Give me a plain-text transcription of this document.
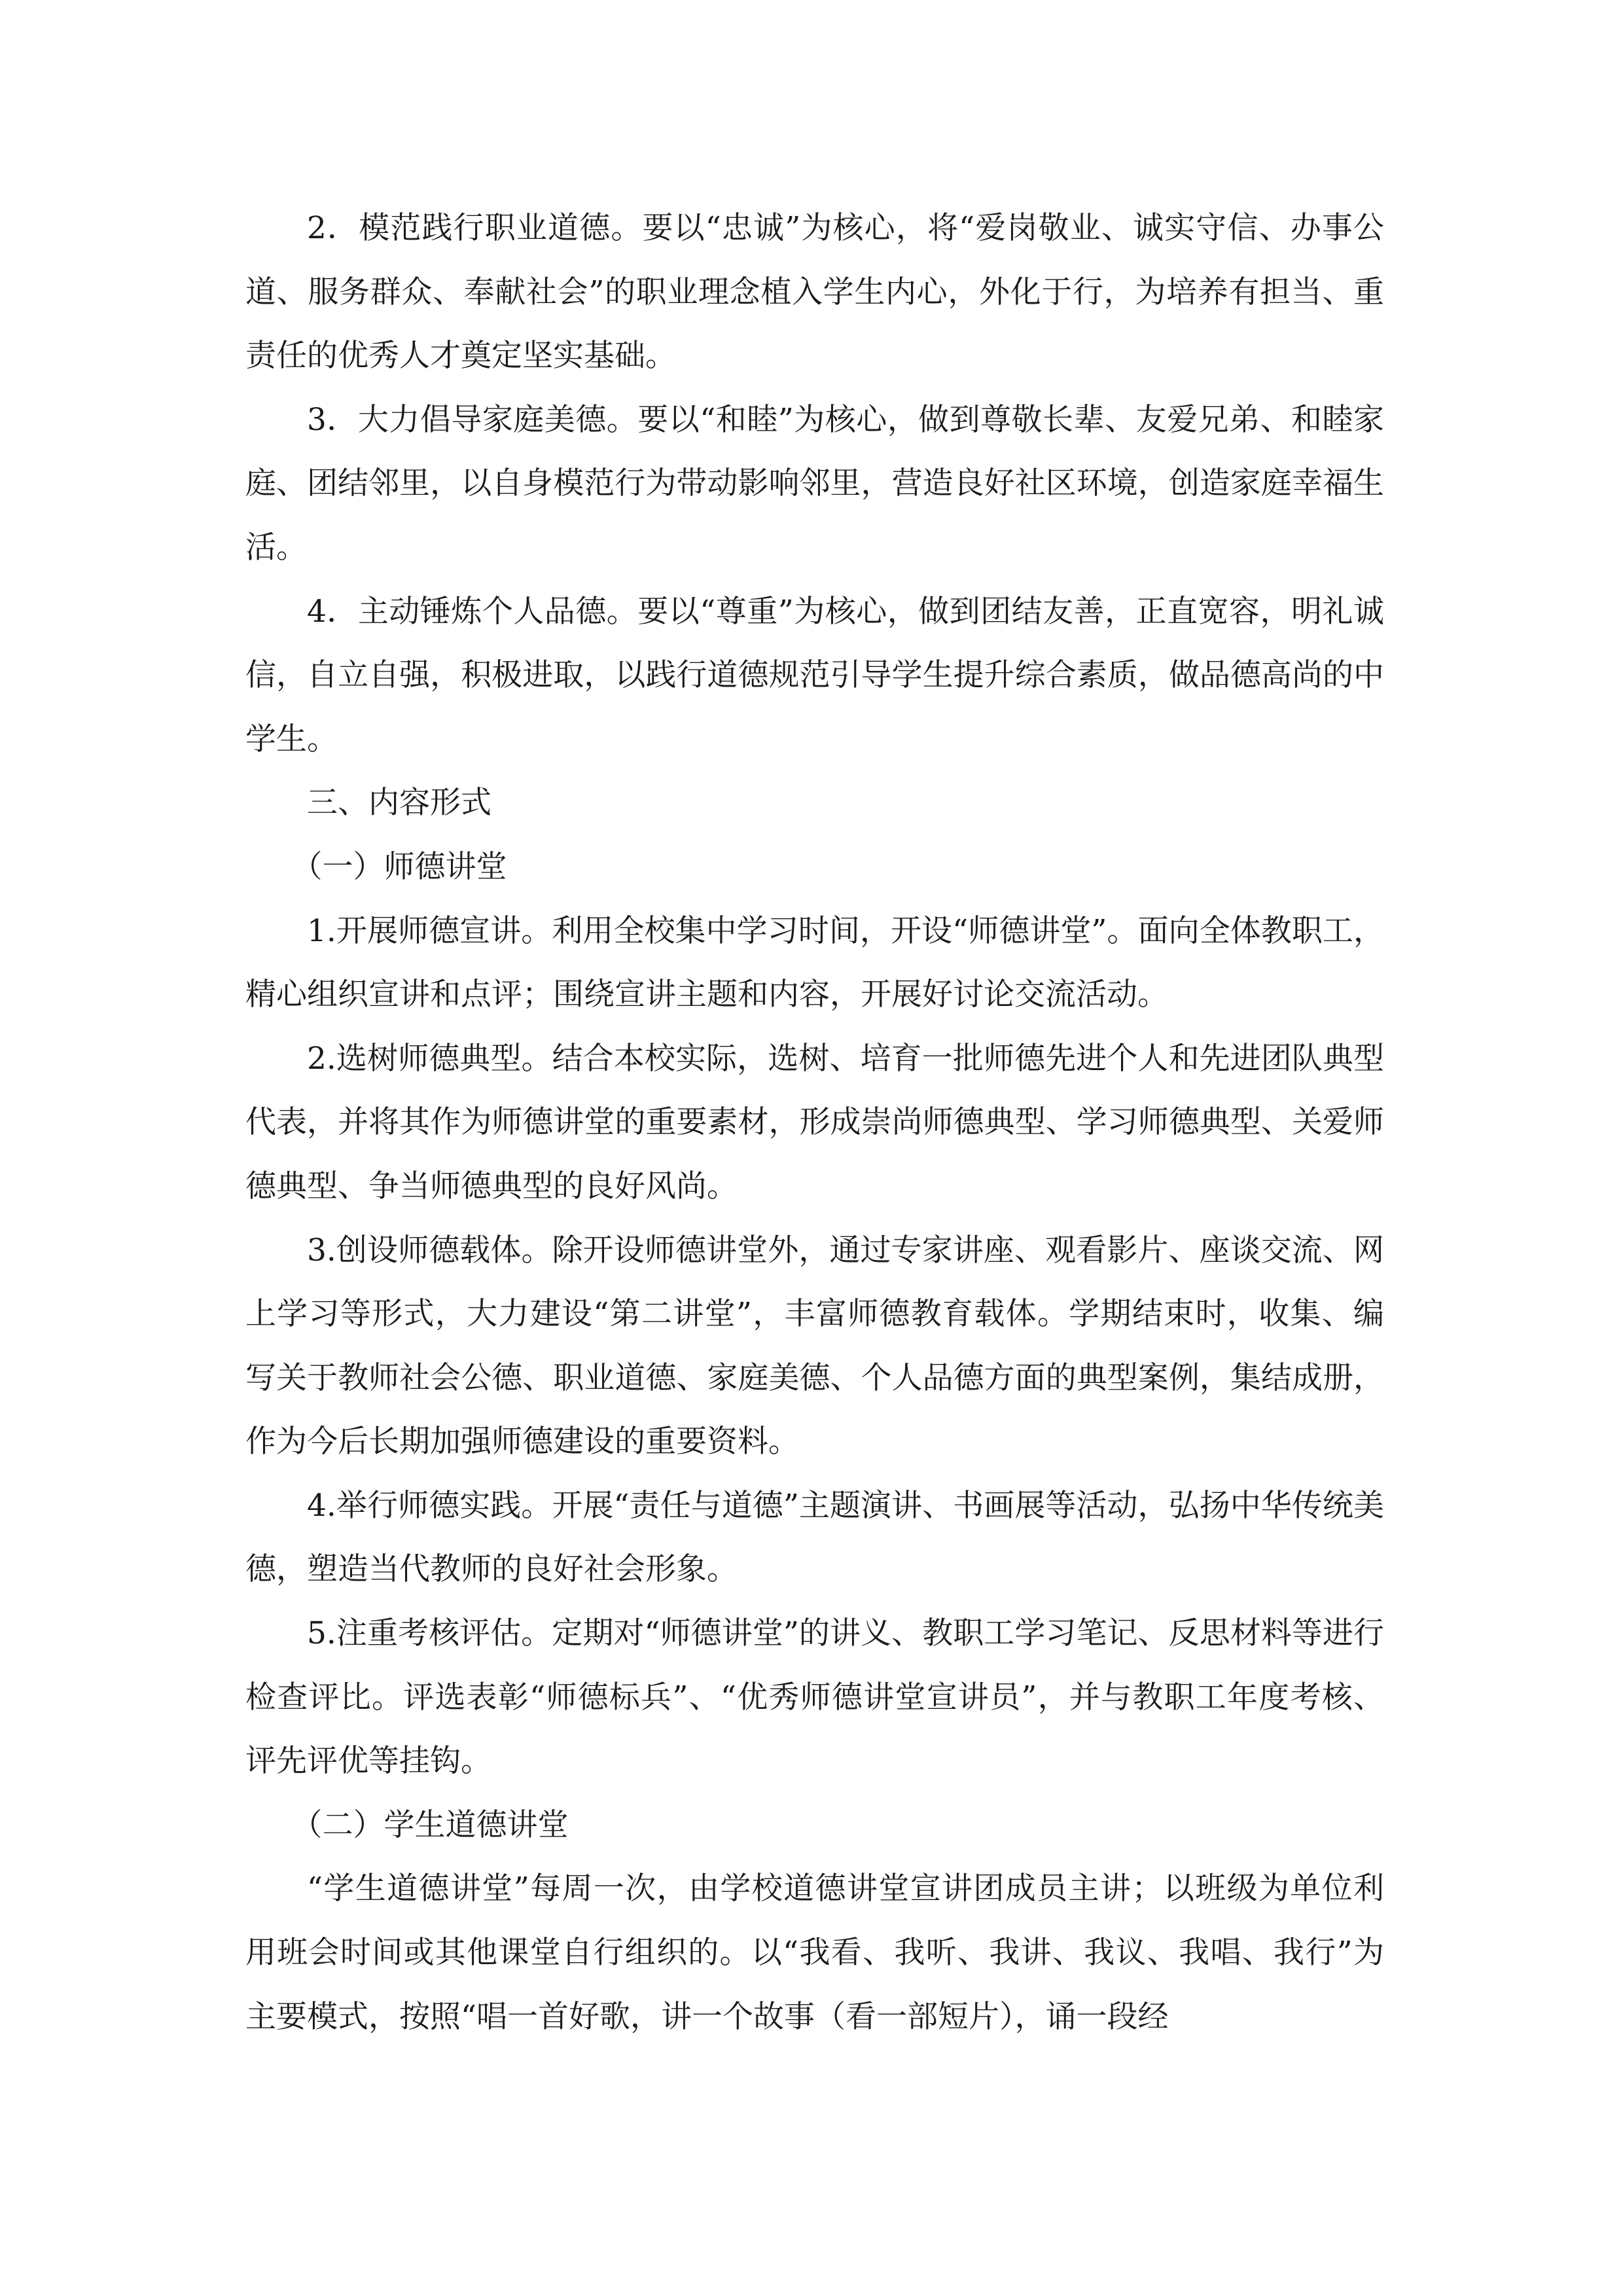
2．模范践行职业道德。要以“忠诚”为核心，将“爱岗敬业、诚实守信、办事公道、服务群众、奉献社会”的职业理念植入学生内心，外化于行，为培养有担当、重责任的优秀人才奠定坚实基础。

3．大力倡导家庭美德。要以“和睦”为核心，做到尊敬长辈、友爱兄弟、和睦家庭、团结邻里，以自身模范行为带动影响邻里，营造良好社区环境，创造家庭幸福生活。

4．主动锤炼个人品德。要以“尊重”为核心，做到团结友善，正直宽容，明礼诚信，自立自强，积极进取，以践行道德规范引导学生提升综合素质，做品德高尚的中学生。

三、内容形式

（一）师德讲堂

1.开展师德宣讲。利用全校集中学习时间，开设“师德讲堂”。面向全体教职工，精心组织宣讲和点评；围绕宣讲主题和内容，开展好讨论交流活动。

2.选树师德典型。结合本校实际，选树、培育一批师德先进个人和先进团队典型代表，并将其作为师德讲堂的重要素材，形成崇尚师德典型、学习师德典型、关爱师德典型、争当师德典型的良好风尚。

3.创设师德载体。除开设师德讲堂外，通过专家讲座、观看影片、座谈交流、网上学习等形式，大力建设“第二讲堂”，丰富师德教育载体。学期结束时，收集、编写关于教师社会公德、职业道德、家庭美德、个人品德方面的典型案例，集结成册，作为今后长期加强师德建设的重要资料。

4.举行师德实践。开展“责任与道德”主题演讲、书画展等活动，弘扬中华传统美德，塑造当代教师的良好社会形象。

5.注重考核评估。定期对“师德讲堂”的讲义、教职工学习笔记、反思材料等进行检查评比。评选表彰“师德标兵”、“优秀师德讲堂宣讲员”，并与教职工年度考核、评先评优等挂钩。

（二）学生道德讲堂

“学生道德讲堂”每周一次，由学校道德讲堂宣讲团成员主讲；以班级为单位利用班会时间或其他课堂自行组织的。以“我看、我听、我讲、我议、我唱、我行”为主要模式，按照“唱一首好歌，讲一个故事（看一部短片），诵一段经
